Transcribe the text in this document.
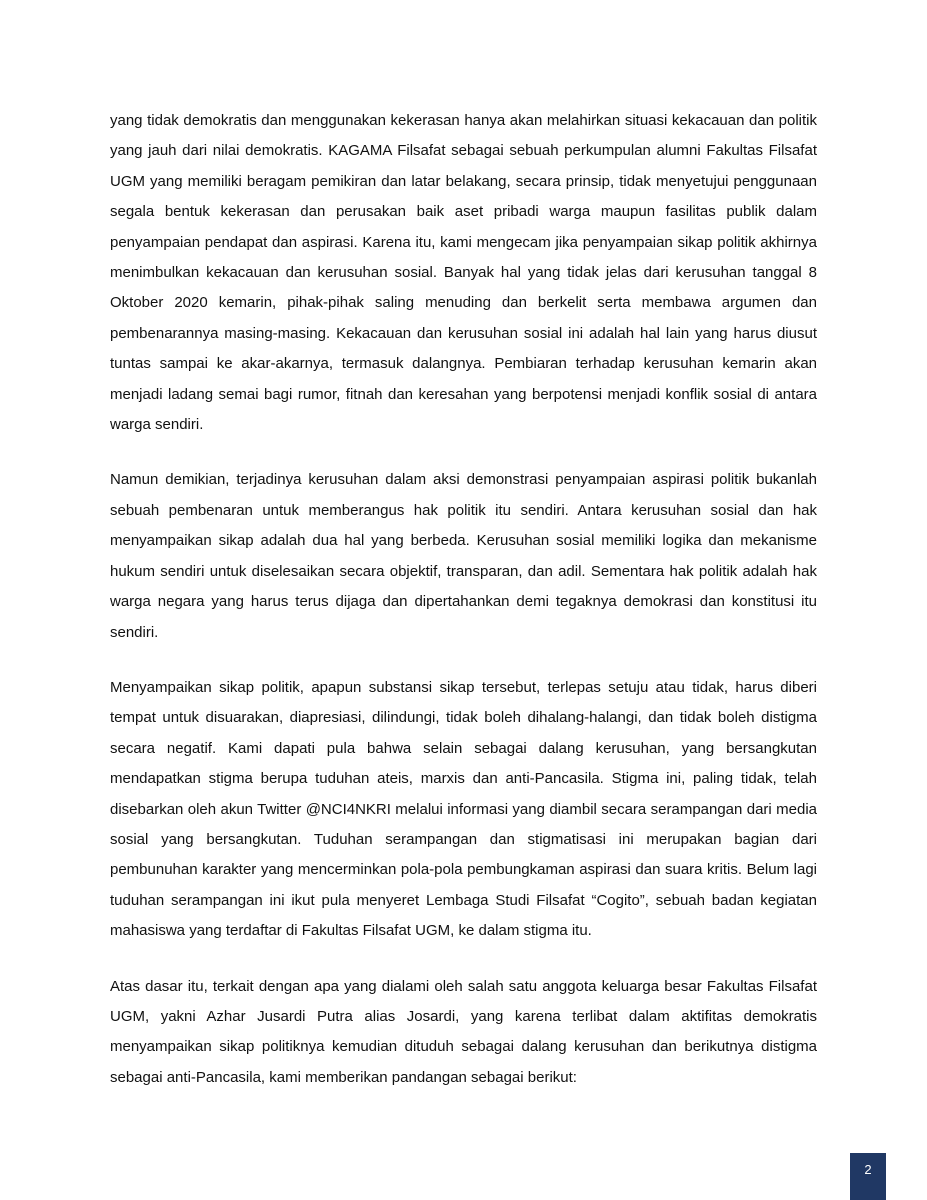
yang tidak demokratis dan menggunakan kekerasan hanya akan melahirkan situasi kekacauan dan politik yang jauh dari nilai demokratis. KAGAMA Filsafat sebagai sebuah perkumpulan alumni Fakultas Filsafat UGM yang memiliki beragam pemikiran dan latar belakang, secara prinsip, tidak menyetujui penggunaan segala bentuk kekerasan dan perusakan baik aset pribadi warga maupun fasilitas publik dalam penyampaian pendapat dan aspirasi. Karena itu, kami mengecam jika penyampaian sikap politik akhirnya menimbulkan kekacauan dan kerusuhan sosial. Banyak hal yang tidak jelas dari kerusuhan tanggal 8 Oktober 2020 kemarin, pihak-pihak saling menuding dan berkelit serta membawa argumen dan pembenarannya masing-masing. Kekacauan dan kerusuhan sosial ini adalah hal lain yang harus diusut tuntas sampai ke akar-akarnya, termasuk dalangnya. Pembiaran terhadap kerusuhan kemarin akan menjadi ladang semai bagi rumor, fitnah dan keresahan yang berpotensi menjadi konflik sosial di antara warga sendiri.

Namun demikian, terjadinya kerusuhan dalam aksi demonstrasi penyampaian aspirasi politik bukanlah sebuah pembenaran untuk memberangus hak politik itu sendiri. Antara kerusuhan sosial dan hak menyampaikan sikap adalah dua hal yang berbeda. Kerusuhan sosial memiliki logika dan mekanisme hukum sendiri untuk diselesaikan secara objektif, transparan, dan adil. Sementara hak politik adalah hak warga negara yang harus terus dijaga dan dipertahankan demi tegaknya demokrasi dan konstitusi itu sendiri.

Menyampaikan sikap politik, apapun substansi sikap tersebut, terlepas setuju atau tidak, harus diberi tempat untuk disuarakan, diapresiasi, dilindungi, tidak boleh dihalang-halangi, dan tidak boleh distigma secara negatif. Kami dapati pula bahwa selain sebagai dalang kerusuhan, yang bersangkutan mendapatkan stigma berupa tuduhan ateis, marxis dan anti-Pancasila. Stigma ini, paling tidak, telah disebarkan oleh akun Twitter @NCI4NKRI melalui informasi yang diambil secara serampangan dari media sosial yang bersangkutan. Tuduhan serampangan dan stigmatisasi ini merupakan bagian dari pembunuhan karakter yang mencerminkan pola-pola pembungkaman aspirasi dan suara kritis. Belum lagi tuduhan serampangan ini ikut pula menyeret Lembaga Studi Filsafat “Cogito”, sebuah badan kegiatan mahasiswa yang terdaftar di Fakultas Filsafat UGM, ke dalam stigma itu.

Atas dasar itu, terkait dengan apa yang dialami oleh salah satu anggota keluarga besar Fakultas Filsafat UGM, yakni Azhar Jusardi Putra alias Josardi, yang karena terlibat dalam aktifitas demokratis menyampaikan sikap politiknya kemudian dituduh sebagai dalang kerusuhan dan berikutnya distigma sebagai anti-Pancasila, kami memberikan pandangan sebagai berikut:

2
